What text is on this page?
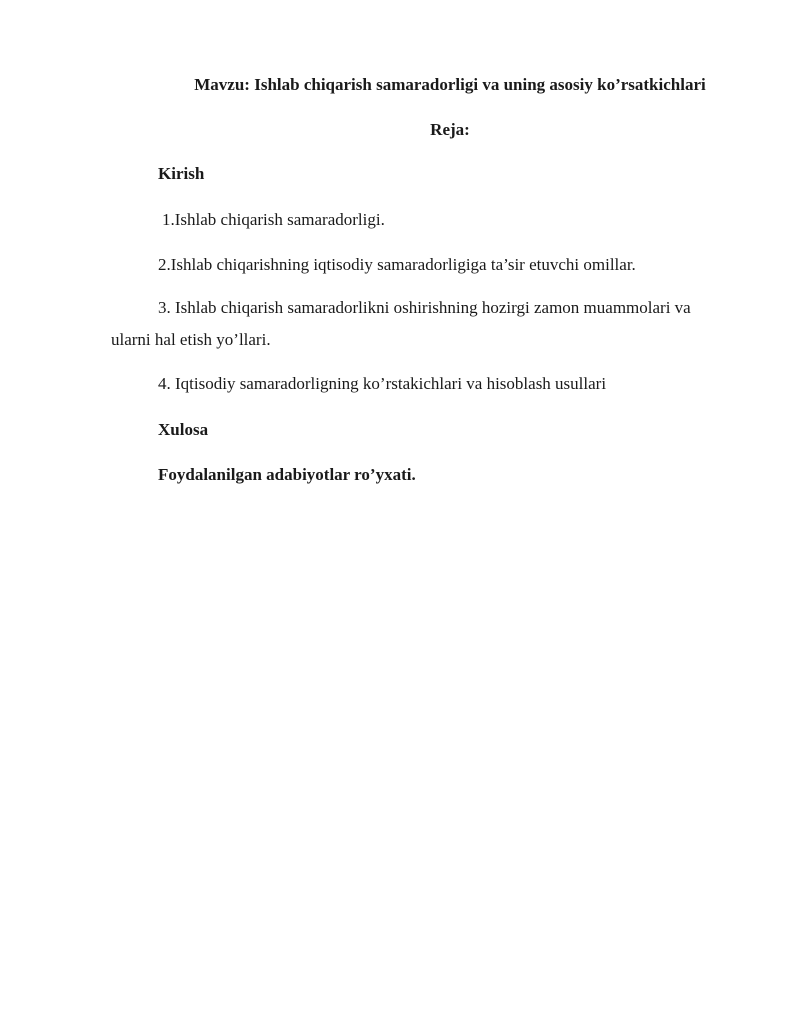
Mavzu: Ishlab chiqarish samaradorligi va uning asosiy ko’rsatkichlari
Reja:
Kirish
1.Ishlab chiqarish samaradorligi.
2.Ishlab chiqarishning iqtisodiy samaradorligiga ta’sir etuvchi omillar.
3. Ishlab chiqarish samaradorlikni oshirishning hozirgi zamon muammolari va
ularni hal etish yo’llari.
4. Iqtisodiy samaradorligning ko’rstakichlari va hisoblash usullari
Xulosa
Foydalanilgan adabiyotlar ro’yxati.
